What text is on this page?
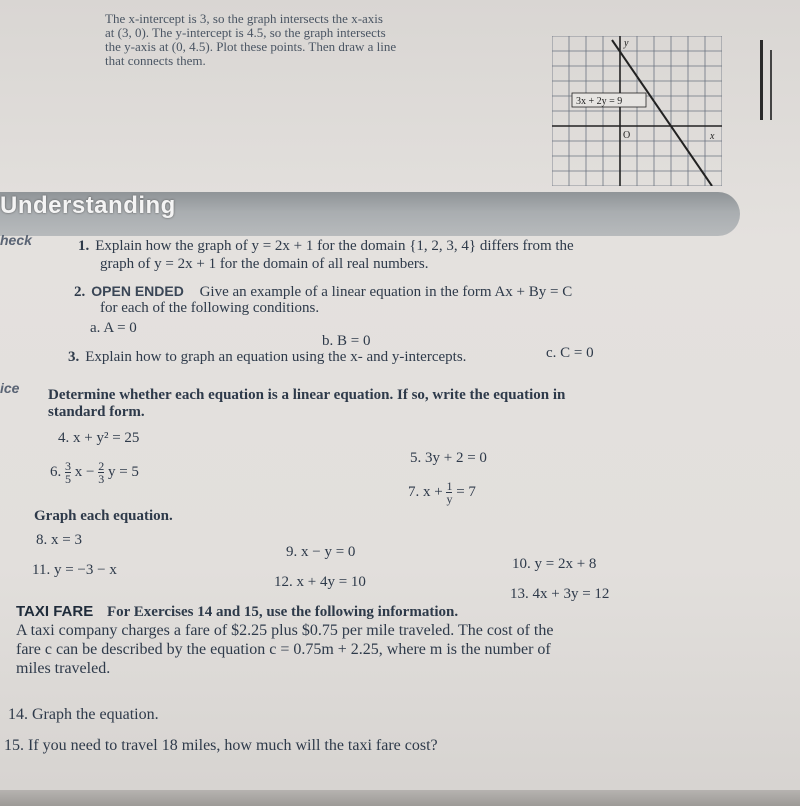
The x-intercept is 3, so the graph intersects the x-axis
at (3, 0). The y-intercept is 4.5, so the graph intersects
the y-axis at (0, 4.5). Plot these points. Then draw a line
that connects them.
3x + 2y = 9
O	x
y
Understanding
heck	1. Explain how the graph of y = 2x + 1 for the domain {1, 2, 3, 4} differs from the
graph of y = 2x + 1 for the domain of all real numbers.
2. OPEN ENDED Give an example of a linear equation in the form Ax + By = C
for each of the following conditions.
a. A = 0
b. B = 0
c. C = 0
3. Explain how to graph an equation using the x- and y-intercepts.
ice Determine whether each equation is a linear equation. If so, write the equation in
standard form.
4. x + y² = 25
5. 3y + 2 = 0
6. $\frac{3}{5}$ $x - \frac{2}{3}$ y = 5
7. $x + \frac{1}{y} = 7$
Graph each equation.
8. x = 3
9. x − y = 0
10. y = 2x + 8
11. y = −3 − x
12. x + 4y = 10
13. 4x + 3y = 12
TAXI FARE For Exercises 14 and 15, use the following information.
A taxi company charges a fare of $2.25 plus $0.75 per mile traveled. The cost of the
fare c can be described by the equation c = 0.75m + 2.25, where m is the number of
miles traveled.
14. Graph the equation.
15. If you need to travel 18 miles, how much will the taxi fare cost?
